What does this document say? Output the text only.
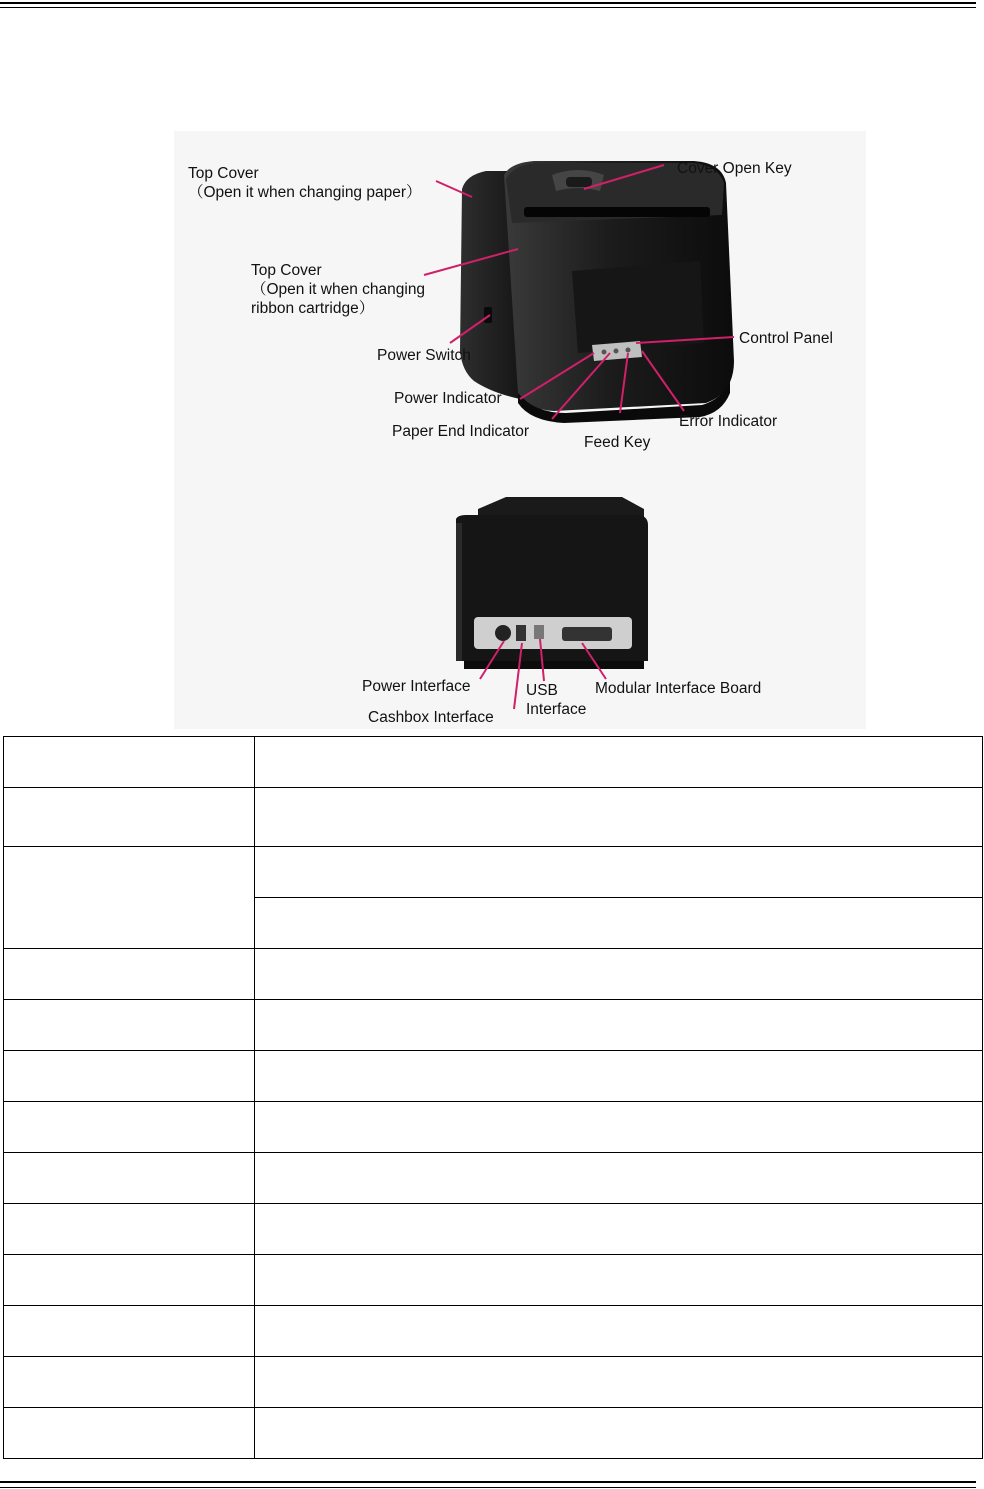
Top Cover
（Open it when changing paper）
Cover Open Key
Top Cover
（Open it when changing
ribbon cartridge）
Control Panel
Power Switch
Power Indicator
Paper End Indicator
Error Indicator
Feed Key
Power Interface	USB
Interface
Modular Interface Board
Cashbox Interface
